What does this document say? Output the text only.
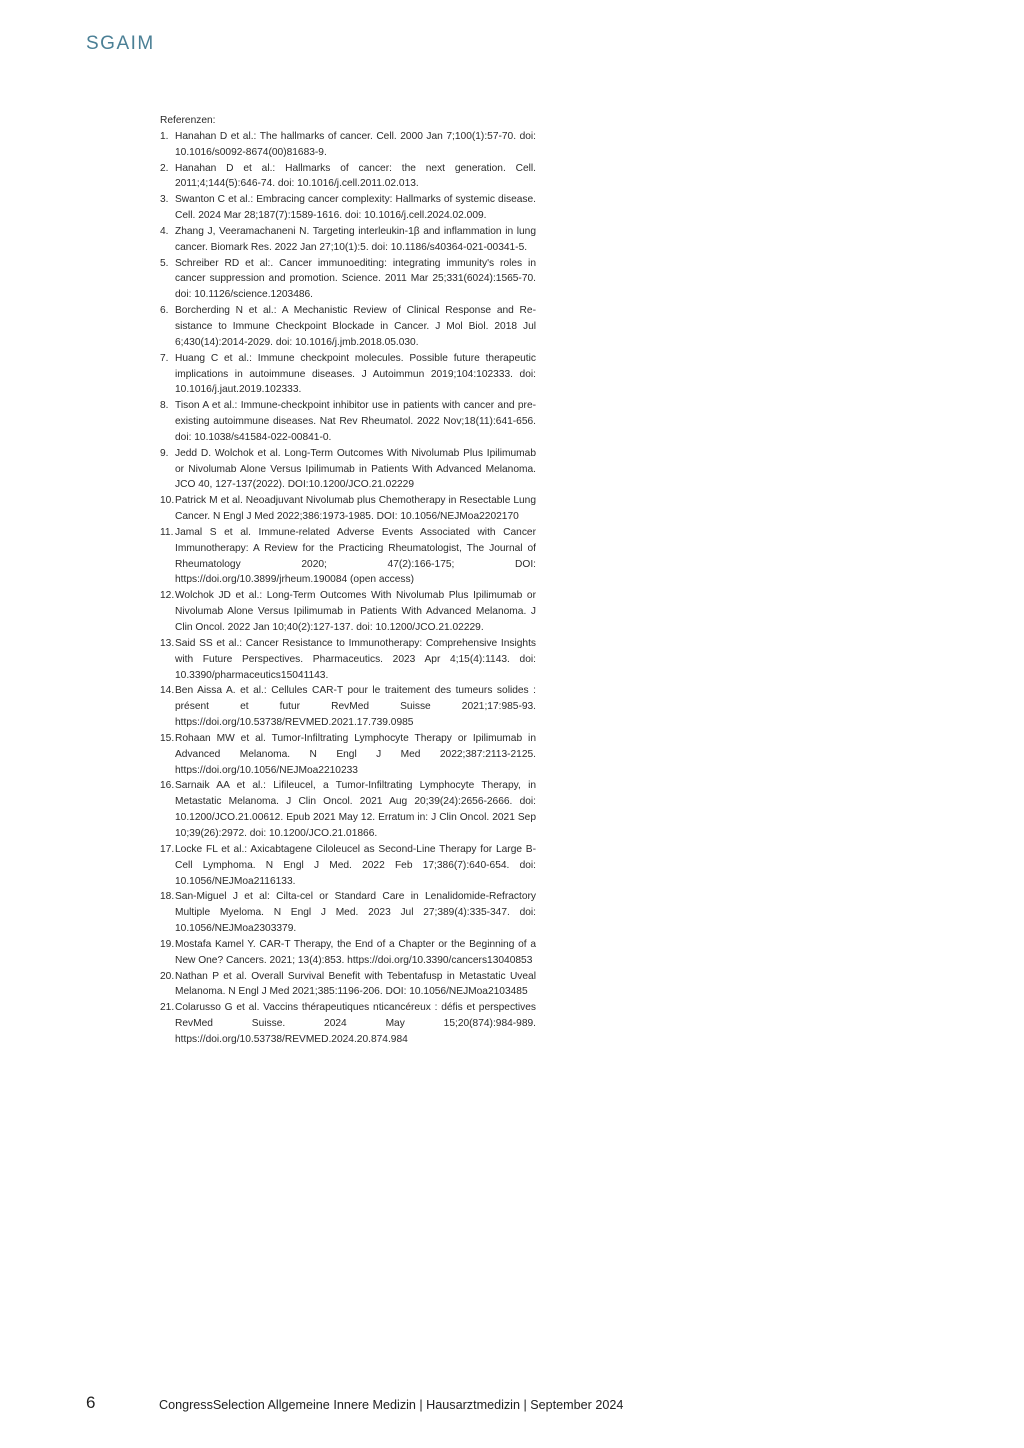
SGAIM

Referenzen:

1. Hanahan D et al.: The hallmarks of cancer. Cell. 2000 Jan 7;100(1):57-70. doi: 10.1016/s0092-8674(00)81683-9.
2. Hanahan D et al.: Hallmarks of cancer: the next generation. Cell. 2011;4;144(5):646-74. doi: 10.1016/j.cell.2011.02.013.
3. Swanton C et al.: Embracing cancer complexity: Hallmarks of systemic disease. Cell. 2024 Mar 28;187(7):1589-1616. doi: 10.1016/j.cell.2024.02.009.
4. Zhang J, Veeramachaneni N. Targeting interleukin-1β and inflammation in lung cancer. Biomark Res. 2022 Jan 27;10(1):5. doi: 10.1186/s40364-021-00341-5.
5. Schreiber RD et al:. Cancer immunoediting: integrating immunity's roles in cancer suppression and promotion. Science. 2011 Mar 25;331(6024):1565-70. doi: 10.1126/science.1203486.
6. Borcherding N et al.: A Mechanistic Review of Clinical Response and Resistance to Immune Checkpoint Blockade in Cancer. J Mol Biol. 2018 Jul 6;430(14):2014-2029. doi: 10.1016/j.jmb.2018.05.030.
7. Huang C et al.: Immune checkpoint molecules. Possible future therapeutic implications in autoimmune diseases. J Autoimmun 2019;104:102333. doi: 10.1016/j.jaut.2019.102333.
8. Tison A et al.: Immune-checkpoint inhibitor use in patients with cancer and pre-existing autoimmune diseases. Nat Rev Rheumatol. 2022 Nov;18(11):641-656. doi: 10.1038/s41584-022-00841-0.
9. Jedd D. Wolchok et al. Long-Term Outcomes With Nivolumab Plus Ipilimumab or Nivolumab Alone Versus Ipilimumab in Patients With Advanced Melanoma. JCO 40, 127-137(2022). DOI:10.1200/JCO.21.02229
10. Patrick M et al. Neoadjuvant Nivolumab plus Chemotherapy in Resectable Lung Cancer. N Engl J Med 2022;386:1973-1985. DOI: 10.1056/NEJMoa2202170
11. Jamal S et al. Immune-related Adverse Events Associated with Cancer Immunotherapy: A Review for the Practicing Rheumatologist, The Journal of Rheumatology 2020; 47(2):166-175; DOI: https://doi.org/10.3899/jrheum.190084 (open access)
12. Wolchok JD et al.: Long-Term Outcomes With Nivolumab Plus Ipilimumab or Nivolumab Alone Versus Ipilimumab in Patients With Advanced Melanoma. J Clin Oncol. 2022 Jan 10;40(2):127-137. doi: 10.1200/JCO.21.02229.
13. Said SS et al.: Cancer Resistance to Immunotherapy: Comprehensive Insights with Future Perspectives. Pharmaceutics. 2023 Apr 4;15(4):1143. doi: 10.3390/pharmaceutics15041143.
14. Ben Aissa A. et al.: Cellules CAR-T pour le traitement des tumeurs solides : présent et futur RevMed Suisse 2021;17:985-93. https://doi.org/10.53738/REVMED.2021.17.739.0985
15. Rohaan MW et al. Tumor-Infiltrating Lymphocyte Therapy or Ipilimumab in Advanced Melanoma. N Engl J Med 2022;387:2113-2125. https://doi.org/10.1056/NEJMoa2210233
16. Sarnaik AA et al.: Lifileucel, a Tumor-Infiltrating Lymphocyte Therapy, in Metastatic Melanoma. J Clin Oncol. 2021 Aug 20;39(24):2656-2666. doi: 10.1200/JCO.21.00612. Epub 2021 May 12. Erratum in: J Clin Oncol. 2021 Sep 10;39(26):2972. doi: 10.1200/JCO.21.01866.
17. Locke FL et al.: Axicabtagene Ciloleucel as Second-Line Therapy for Large B-Cell Lymphoma. N Engl J Med. 2022 Feb 17;386(7):640-654. doi: 10.1056/NEJMoa2116133.
18. San-Miguel J et al: Cilta-cel or Standard Care in Lenalidomide-Refractory Multiple Myeloma. N Engl J Med. 2023 Jul 27;389(4):335-347. doi: 10.1056/NEJMoa2303379.
19. Mostafa Kamel Y. CAR-T Therapy, the End of a Chapter or the Beginning of a New One? Cancers. 2021; 13(4):853. https://doi.org/10.3390/cancers13040853
20. Nathan P et al. Overall Survival Benefit with Tebentafusp in Metastatic Uveal Melanoma. N Engl J Med 2021;385:1196-206. DOI: 10.1056/NEJMoa2103485
21. Colarusso G et al. Vaccins thérapeutiques nticancéreux : défis et perspectives RevMed Suisse. 2024 May 15;20(874):984-989. https://doi.org/10.53738/REVMED.2024.20.874.984
6	CongressSelection Allgemeine Innere Medizin | Hausarztmedizin | September 2024
